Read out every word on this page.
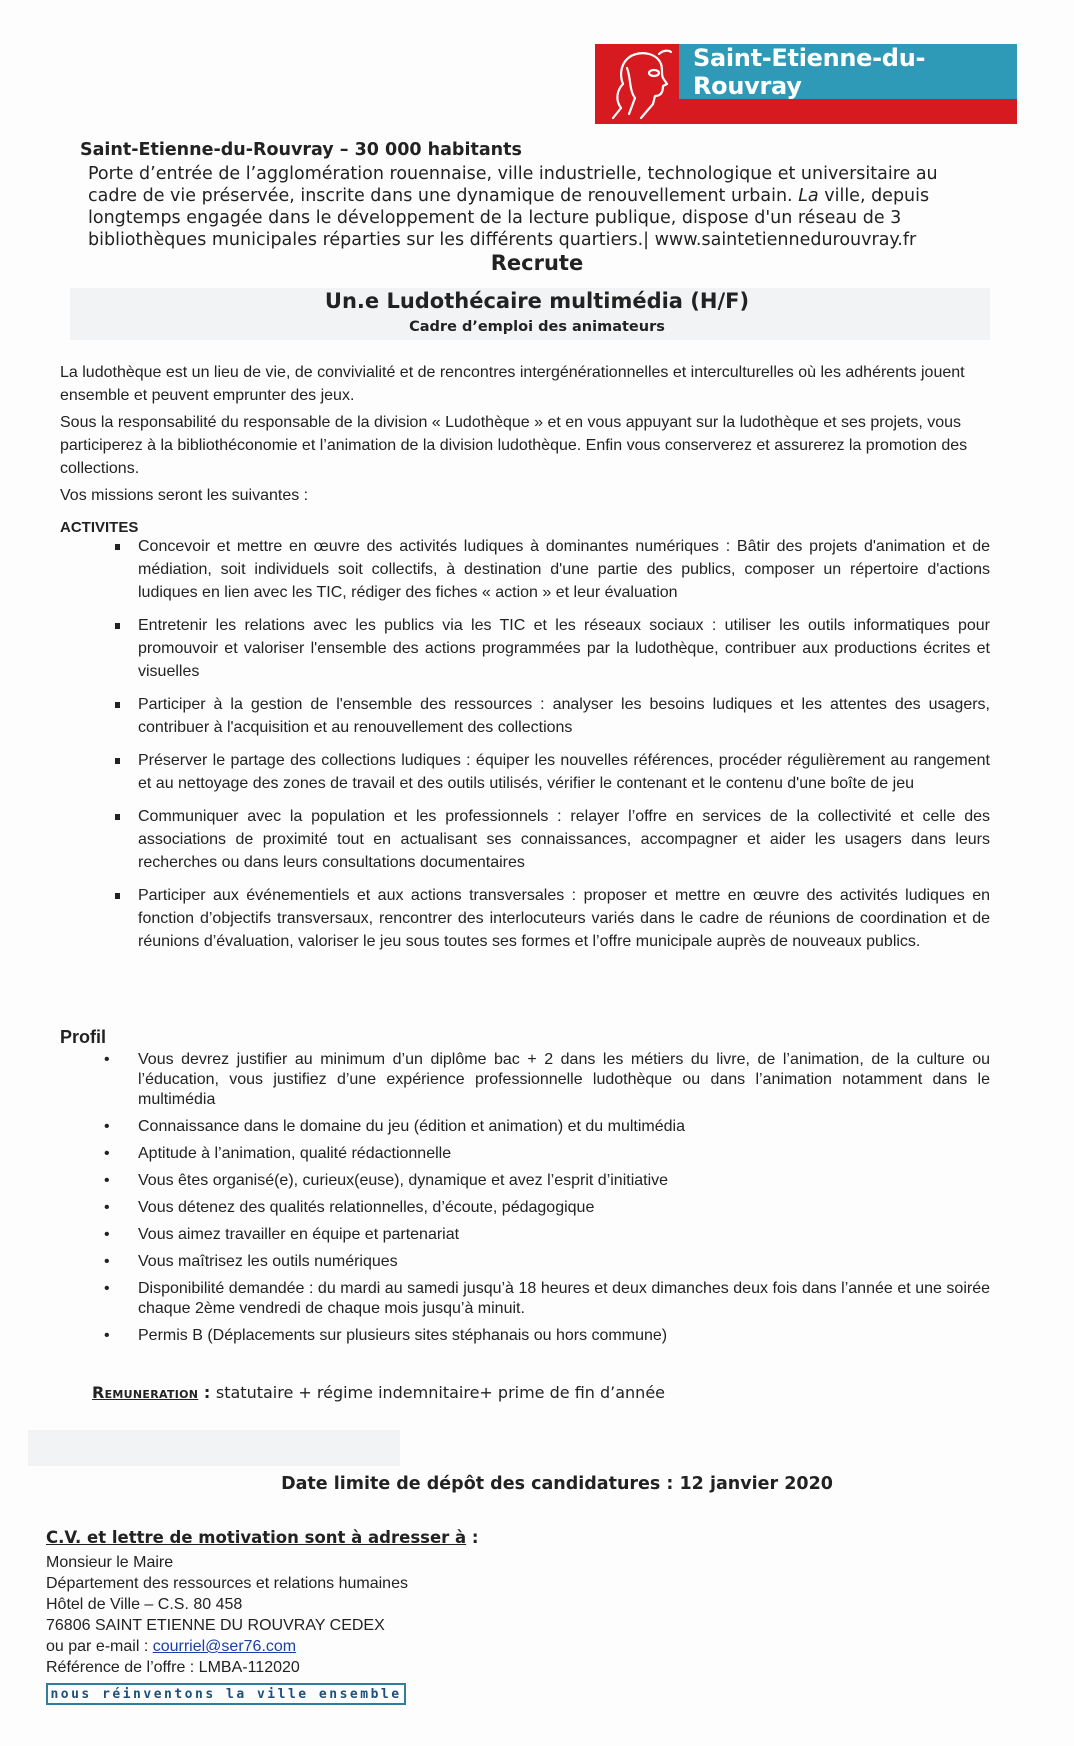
Saint-Etienne-du-Rouvray
Saint-Etienne-du-Rouvray – 30 000 habitants
Porte d’entrée de l’agglomération rouennaise, ville industrielle, technologique et universitaire au cadre de vie préservée, inscrite dans une dynamique de renouvellement urbain. La ville, depuis longtemps engagée dans le développement de la lecture publique, dispose d'un réseau de 3 bibliothèques municipales réparties sur les différents quartiers.| www.saintetiennedurouvray.fr
Recrute
Un.e Ludothécaire multimédia (H/F)
Cadre d’emploi des animateurs
La ludothèque est un lieu de vie, de convivialité et de rencontres intergénérationnelles et interculturelles où les adhérents jouent ensemble et peuvent emprunter des jeux.
Sous la responsabilité du responsable de la division « Ludothèque » et en vous appuyant sur la ludothèque et ses projets, vous participerez à la bibliothéconomie et l’animation de la division ludothèque. Enfin vous conserverez et assurerez la promotion des collections.
Vos missions seront les suivantes :
ACTIVITES
Concevoir et mettre en œuvre des activités ludiques à dominantes numériques : Bâtir des projets d'animation et de médiation, soit individuels soit collectifs, à destination d'une partie des publics, composer un répertoire d'actions ludiques en lien avec les TIC, rédiger des fiches « action » et leur évaluation
Entretenir les relations avec les publics via les TIC et les réseaux sociaux : utiliser les outils informatiques pour promouvoir et valoriser l'ensemble des actions programmées par la ludothèque, contribuer aux productions écrites et visuelles
Participer à la gestion de l'ensemble des ressources : analyser les besoins ludiques et les attentes des usagers, contribuer à l'acquisition et au renouvellement des collections
Préserver le partage des collections ludiques : équiper les nouvelles références, procéder régulièrement au rangement et au nettoyage des zones de travail et des outils utilisés, vérifier le contenant et le contenu d'une boîte de jeu
Communiquer avec la population et les professionnels : relayer l’offre en services de la collectivité et celle des associations de proximité tout en actualisant ses connaissances, accompagner et aider les usagers dans leurs recherches ou dans leurs consultations documentaires
Participer aux événementiels et aux actions transversales : proposer et mettre en œuvre des activités ludiques en fonction d’objectifs transversaux, rencontrer des interlocuteurs variés dans le cadre de réunions de coordination et de réunions d’évaluation, valoriser le jeu sous toutes ses formes et l’offre municipale auprès de nouveaux publics.
Profil
• Vous devrez justifier au minimum d’un diplôme bac + 2 dans les métiers du livre, de l’animation, de la culture ou l’éducation, vous justifiez d’une expérience professionnelle ludothèque ou dans l’animation notamment dans le multimédia
• Connaissance dans le domaine du jeu (édition et animation) et du multimédia
• Aptitude à l’animation, qualité rédactionnelle
• Vous êtes organisé(e), curieux(euse), dynamique et avez l’esprit d’initiative
• Vous détenez des qualités relationnelles, d’écoute, pédagogique
• Vous aimez travailler en équipe et partenariat
• Vous maîtrisez les outils numériques
• Disponibilité demandée : du mardi au samedi jusqu’à 18 heures et deux dimanches deux fois dans l’année et une soirée chaque 2ème vendredi de chaque mois jusqu’à minuit.
• Permis B (Déplacements sur plusieurs sites stéphanais ou hors commune)
Remuneration : statutaire + régime indemnitaire+ prime de fin d’année
Date limite de dépôt des candidatures : 12 janvier 2020
C.V. et lettre de motivation sont à adresser à :
Monsieur le Maire
Département des ressources et relations humaines
Hôtel de Ville – C.S. 80 458
76806 SAINT ETIENNE DU ROUVRAY CEDEX
ou par e-mail : courriel@ser76.com
Référence de l’offre : LMBA-112020
nous réinventons la ville ensemble
